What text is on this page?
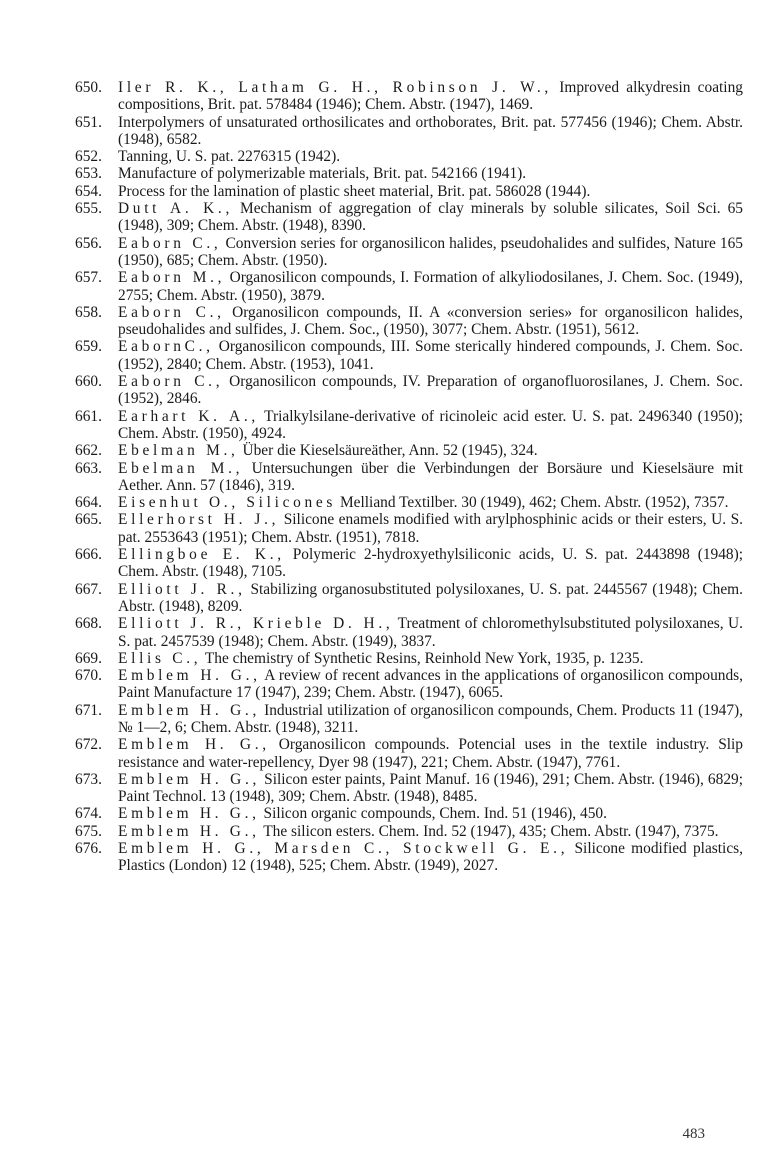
650.	Iler R. K., Latham G. H., Robinson J. W., Improved alkydresin coating compositions, Brit. pat. 578484 (1946); Chem. Abstr. (1947), 1469.
651.	Interpolymers of unsaturated orthosilicates and orthoborates, Brit. pat. 577456 (1946); Chem. Abstr. (1948), 6582.
652.	Tanning, U. S. pat. 2276315 (1942).
653.	Manufacture of polymerizable materials, Brit. pat. 542166 (1941).
654.	Process for the lamination of plastic sheet material, Brit. pat. 586028 (1944).
655.	Dutt A. K., Mechanism of aggregation of clay minerals by soluble silicates, Soil Sci. 65 (1948), 309; Chem. Abstr. (1948), 8390.
656.	Eaborn C., Conversion series for organosilicon halides, pseudohalides and sulfides, Nature 165 (1950), 685; Chem. Abstr. (1950).
657.	Eaborn M., Organosilicon compounds, I. Formation of alkyliodosilanes, J. Chem. Soc. (1949), 2755; Chem. Abstr. (1950), 3879.
658.	Eaborn C., Organosilicon compounds, II. A «conversion series» for organosilicon halides, pseudohalides and sulfides, J. Chem. Soc., (1950), 3077; Chem. Abstr. (1951), 5612.
659.	EabornC., Organosilicon compounds, III. Some sterically hindered compounds, J. Chem. Soc. (1952), 2840; Chem. Abstr. (1953), 1041.
660.	Eaborn C., Organosilicon compounds, IV. Preparation of organofluorosilanes, J. Chem. Soc. (1952), 2846.
661.	Earhart K. A., Trialkylsilane-derivative of ricinoleic acid ester. U. S. pat. 2496340 (1950); Chem. Abstr. (1950), 4924.
662.	Ebelman M., Über die Kieselsäureäther, Ann. 52 (1945), 324.
663.	Ebelman M., Untersuchungen über die Verbindungen der Borsäure und Kieselsäure mit Aether. Ann. 57 (1846), 319.
664.	Eisenhut O., Silicones Melliand Textilber. 30 (1949), 462; Chem. Abstr. (1952), 7357.
665.	Ellerhorst H. J., Silicone enamels modified with arylphosphinic acids or their esters, U. S. pat. 2553643 (1951); Chem. Abstr. (1951), 7818.
666.	Ellingboe E. K., Polymeric 2-hydroxyethylsiliconic acids, U. S. pat. 2443898 (1948); Chem. Abstr. (1948), 7105.
667.	Elliott J. R., Stabilizing organosubstituted polysiloxanes, U. S. pat. 2445567 (1948); Chem. Abstr. (1948), 8209.
668.	Elliott J. R., Krieble D. H., Treatment of chloromethylsubstituted polysiloxanes, U. S. pat. 2457539 (1948); Chem. Abstr. (1949), 3837.
669.	Ellis C., The chemistry of Synthetic Resins, Reinhold New York, 1935, p. 1235.
670.	Emblem H. G., A review of recent advances in the applications of organosilicon compounds, Paint Manufacture 17 (1947), 239; Chem. Abstr. (1947), 6065.
671.	Emblem H. G., Industrial utilization of organosilicon compounds, Chem. Products 11 (1947), № 1—2, 6; Chem. Abstr. (1948), 3211.
672.	Emblem H. G., Organosilicon compounds. Potencial uses in the textile industry. Slip resistance and water-repellency, Dyer 98 (1947), 221; Chem. Abstr. (1947), 7761.
673.	Emblem H. G., Silicon ester paints, Paint Manuf. 16 (1946), 291; Chem. Abstr. (1946), 6829; Paint Technol. 13 (1948), 309; Chem. Abstr. (1948), 8485.
674.	Emblem H. G., Silicon organic compounds, Chem. Ind. 51 (1946), 450.
675.	Emblem H. G., The silicon esters. Chem. Ind. 52 (1947), 435; Chem. Abstr. (1947), 7375.
676.	Emblem H. G., Marsden C., Stockwell G. E., Silicone modified plastics, Plastics (London) 12 (1948), 525; Chem. Abstr. (1949), 2027.
483
